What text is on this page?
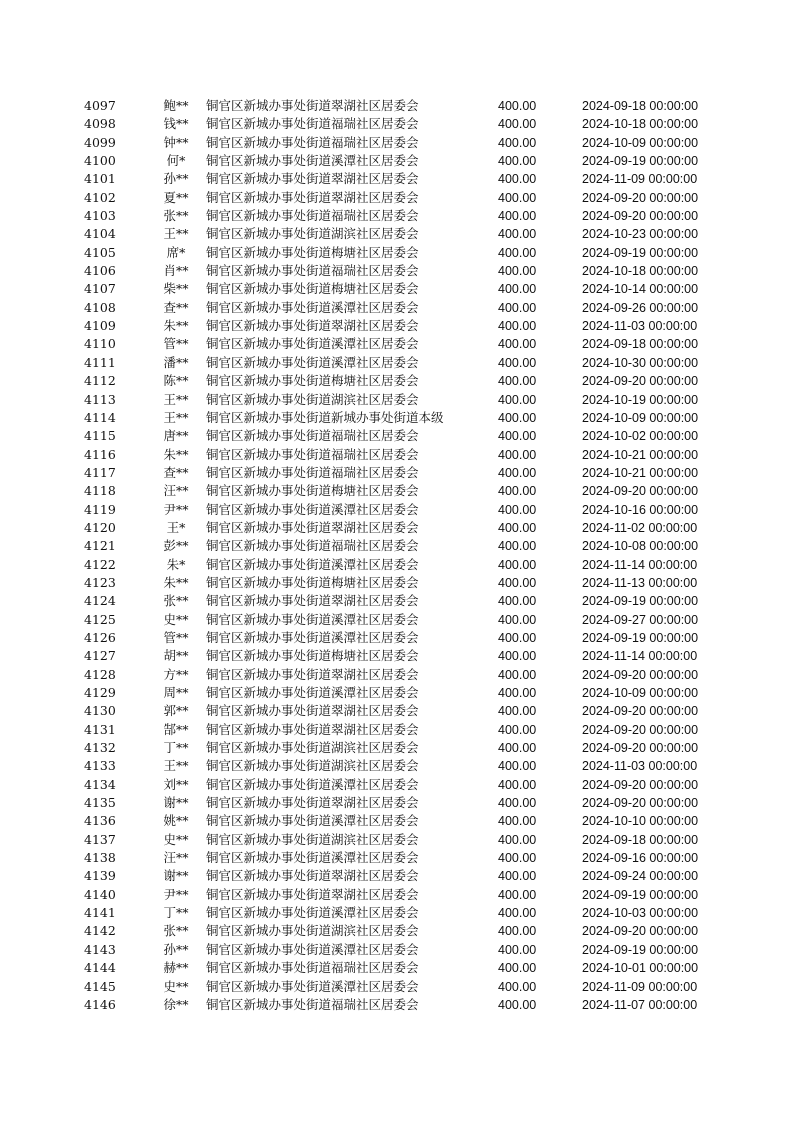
4097	鲍**	铜官区新城办事处街道翠湖社区居委会	400.00	2024-09-18 00:00:00
4098	钱**	铜官区新城办事处街道福瑞社区居委会	400.00	2024-10-18 00:00:00
4099	钟**	铜官区新城办事处街道福瑞社区居委会	400.00	2024-10-09 00:00:00
4100	何*	铜官区新城办事处街道溪潭社区居委会	400.00	2024-09-19 00:00:00
4101	孙**	铜官区新城办事处街道翠湖社区居委会	400.00	2024-11-09 00:00:00
4102	夏**	铜官区新城办事处街道翠湖社区居委会	400.00	2024-09-20 00:00:00
4103	张**	铜官区新城办事处街道福瑞社区居委会	400.00	2024-09-20 00:00:00
4104	王**	铜官区新城办事处街道湖滨社区居委会	400.00	2024-10-23 00:00:00
4105	席*	铜官区新城办事处街道梅塘社区居委会	400.00	2024-09-19 00:00:00
4106	肖**	铜官区新城办事处街道福瑞社区居委会	400.00	2024-10-18 00:00:00
4107	柴**	铜官区新城办事处街道梅塘社区居委会	400.00	2024-10-14 00:00:00
4108	查**	铜官区新城办事处街道溪潭社区居委会	400.00	2024-09-26 00:00:00
4109	朱**	铜官区新城办事处街道翠湖社区居委会	400.00	2024-11-03 00:00:00
4110	管**	铜官区新城办事处街道溪潭社区居委会	400.00	2024-09-18 00:00:00
4111	潘**	铜官区新城办事处街道溪潭社区居委会	400.00	2024-10-30 00:00:00
4112	陈**	铜官区新城办事处街道梅塘社区居委会	400.00	2024-09-20 00:00:00
4113	王**	铜官区新城办事处街道湖滨社区居委会	400.00	2024-10-19 00:00:00
4114	王**	铜官区新城办事处街道新城办事处街道本级	400.00	2024-10-09 00:00:00
4115	唐**	铜官区新城办事处街道福瑞社区居委会	400.00	2024-10-02 00:00:00
4116	朱**	铜官区新城办事处街道福瑞社区居委会	400.00	2024-10-21 00:00:00
4117	查**	铜官区新城办事处街道福瑞社区居委会	400.00	2024-10-21 00:00:00
4118	汪**	铜官区新城办事处街道梅塘社区居委会	400.00	2024-09-20 00:00:00
4119	尹**	铜官区新城办事处街道溪潭社区居委会	400.00	2024-10-16 00:00:00
4120	王*	铜官区新城办事处街道翠湖社区居委会	400.00	2024-11-02 00:00:00
4121	彭**	铜官区新城办事处街道福瑞社区居委会	400.00	2024-10-08 00:00:00
4122	朱*	铜官区新城办事处街道溪潭社区居委会	400.00	2024-11-14 00:00:00
4123	朱**	铜官区新城办事处街道梅塘社区居委会	400.00	2024-11-13 00:00:00
4124	张**	铜官区新城办事处街道翠湖社区居委会	400.00	2024-09-19 00:00:00
4125	史**	铜官区新城办事处街道溪潭社区居委会	400.00	2024-09-27 00:00:00
4126	管**	铜官区新城办事处街道溪潭社区居委会	400.00	2024-09-19 00:00:00
4127	胡**	铜官区新城办事处街道梅塘社区居委会	400.00	2024-11-14 00:00:00
4128	方**	铜官区新城办事处街道翠湖社区居委会	400.00	2024-09-20 00:00:00
4129	周**	铜官区新城办事处街道溪潭社区居委会	400.00	2024-10-09 00:00:00
4130	郭**	铜官区新城办事处街道翠湖社区居委会	400.00	2024-09-20 00:00:00
4131	郜**	铜官区新城办事处街道翠湖社区居委会	400.00	2024-09-20 00:00:00
4132	丁**	铜官区新城办事处街道湖滨社区居委会	400.00	2024-09-20 00:00:00
4133	王**	铜官区新城办事处街道湖滨社区居委会	400.00	2024-11-03 00:00:00
4134	刘**	铜官区新城办事处街道溪潭社区居委会	400.00	2024-09-20 00:00:00
4135	谢**	铜官区新城办事处街道翠湖社区居委会	400.00	2024-09-20 00:00:00
4136	姚**	铜官区新城办事处街道溪潭社区居委会	400.00	2024-10-10 00:00:00
4137	史**	铜官区新城办事处街道湖滨社区居委会	400.00	2024-09-18 00:00:00
4138	汪**	铜官区新城办事处街道溪潭社区居委会	400.00	2024-09-16 00:00:00
4139	谢**	铜官区新城办事处街道翠湖社区居委会	400.00	2024-09-24 00:00:00
4140	尹**	铜官区新城办事处街道翠湖社区居委会	400.00	2024-09-19 00:00:00
4141	丁**	铜官区新城办事处街道溪潭社区居委会	400.00	2024-10-03 00:00:00
4142	张**	铜官区新城办事处街道湖滨社区居委会	400.00	2024-09-20 00:00:00
4143	孙**	铜官区新城办事处街道溪潭社区居委会	400.00	2024-09-19 00:00:00
4144	赫**	铜官区新城办事处街道福瑞社区居委会	400.00	2024-10-01 00:00:00
4145	史**	铜官区新城办事处街道溪潭社区居委会	400.00	2024-11-09 00:00:00
4146	徐**	铜官区新城办事处街道福瑞社区居委会	400.00	2024-11-07 00:00:00
